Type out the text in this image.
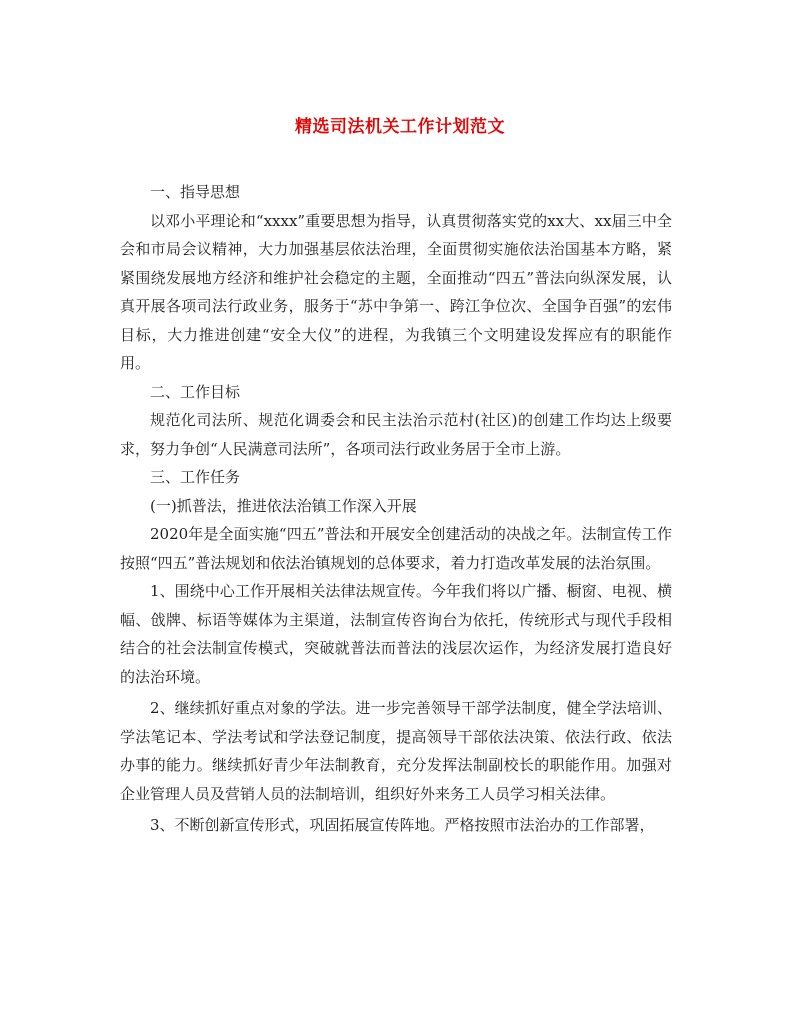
精选司法机关工作计划范文

一、指导思想

以邓小平理论和“xxxx”重要思想为指导，认真贯彻落实党的xx大、xx届三中全会和市局会议精神，大力加强基层依法治理，全面贯彻实施依法治国基本方略，紧紧围绕发展地方经济和维护社会稳定的主题，全面推动“四五”普法向纵深发展，认真开展各项司法行政业务，服务于“苏中争第一、跨江争位次、全国争百强”的宏伟目标，大力推进创建“安全大仪”的进程，为我镇三个文明建设发挥应有的职能作用。

二、工作目标

规范化司法所、规范化调委会和民主法治示范村(社区)的创建工作均达上级要求，努力争创“人民满意司法所”，各项司法行政业务居于全市上游。

三、工作任务

(一)抓普法，推进依法治镇工作深入开展

2020年是全面实施“四五”普法和开展安全创建活动的决战之年。法制宣传工作按照“四五”普法规划和依法治镇规划的总体要求，着力打造改革发展的法治氛围。

1、围绕中心工作开展相关法律法规宣传。今年我们将以广播、橱窗、电视、横幅、戗牌、标语等媒体为主渠道，法制宣传咨询台为依托，传统形式与现代手段相结合的社会法制宣传模式，突破就普法而普法的浅层次运作，为经济发展打造良好的法治环境。

2、继续抓好重点对象的学法。进一步完善领导干部学法制度，健全学法培训、学法笔记本、学法考试和学法登记制度，提高领导干部依法决策、依法行政、依法办事的能力。继续抓好青少年法制教育，充分发挥法制副校长的职能作用。加强对企业管理人员及营销人员的法制培训，组织好外来务工人员学习相关法律。

3、不断创新宣传形式，巩固拓展宣传阵地。严格按照市法治办的工作部署，
